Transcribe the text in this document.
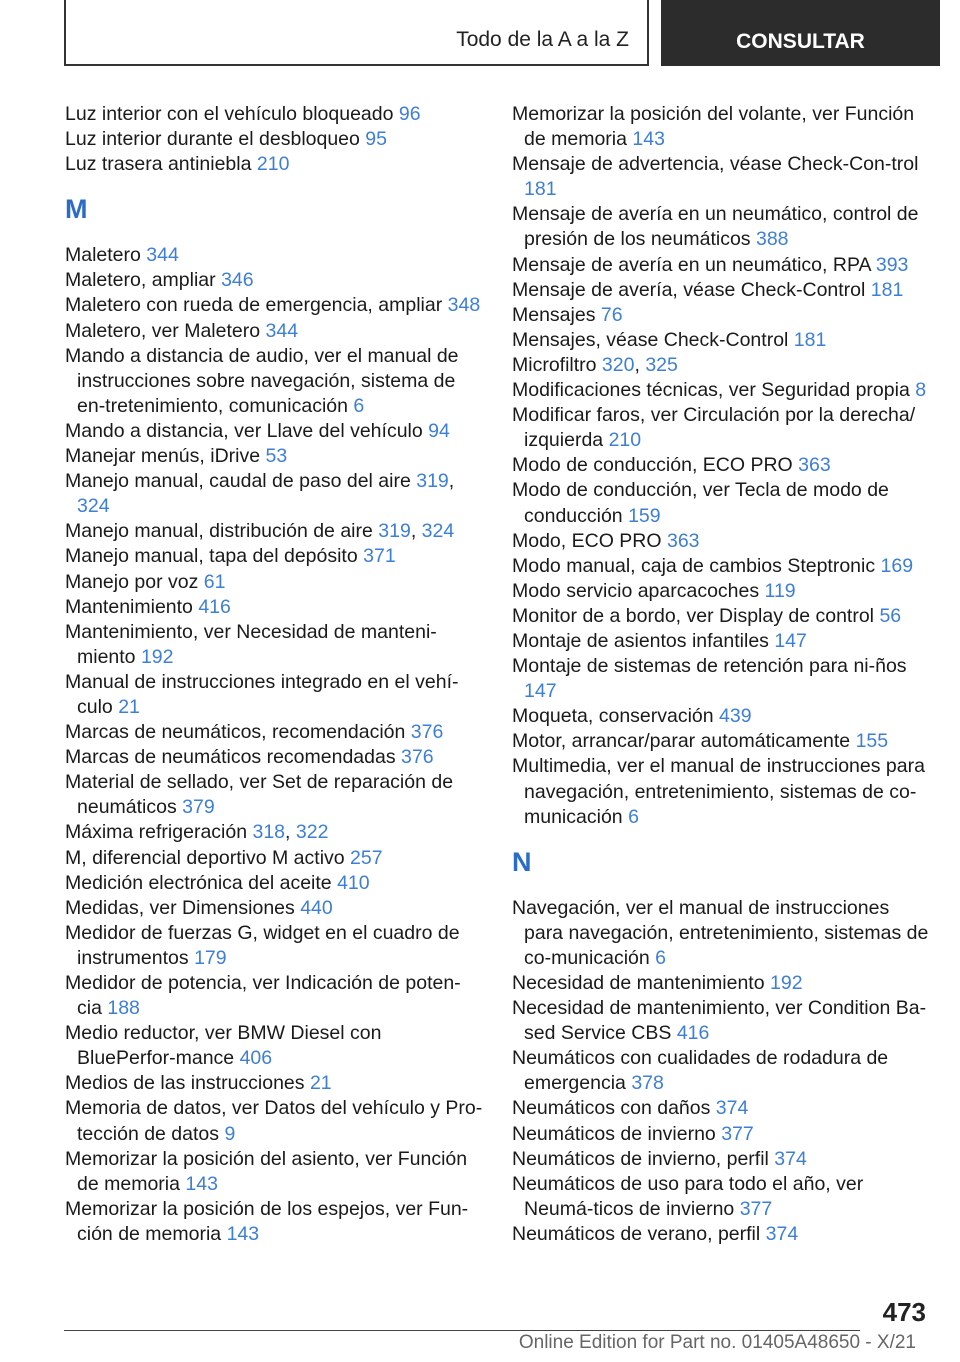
Todo de la A a la Z	CONSULTAR
Luz interior con el vehículo bloqueado 96
Luz interior durante el desbloqueo 95
Luz trasera antiniebla 210
M
Maletero 344
Maletero, ampliar 346
Maletero con rueda de emergencia, ampliar 348
Maletero, ver Maletero 344
Mando a distancia de audio, ver el manual de instrucciones sobre navegación, sistema de en-tretenimiento, comunicación 6
Mando a distancia, ver Llave del vehículo 94
Manejar menús, iDrive 53
Manejo manual, caudal de paso del aire 319, 324
Manejo manual, distribución de aire 319, 324
Manejo manual, tapa del depósito 371
Manejo por voz 61
Mantenimiento 416
Mantenimiento, ver Necesidad de manteni-miento 192
Manual de instrucciones integrado en el vehí-culo 21
Marcas de neumáticos, recomendación 376
Marcas de neumáticos recomendadas 376
Material de sellado, ver Set de reparación de neumáticos 379
Máxima refrigeración 318, 322
M, diferencial deportivo M activo 257
Medición electrónica del aceite 410
Medidas, ver Dimensiones 440
Medidor de fuerzas G, widget en el cuadro de instrumentos 179
Medidor de potencia, ver Indicación de poten-cia 188
Medio reductor, ver BMW Diesel con BluePerfor-mance 406
Medios de las instrucciones 21
Memoria de datos, ver Datos del vehículo y Pro-tección de datos 9
Memorizar la posición del asiento, ver Función de memoria 143
Memorizar la posición de los espejos, ver Fun-ción de memoria 143
Memorizar la posición del volante, ver Función de memoria 143
Mensaje de advertencia, véase Check-Con-trol 181
Mensaje de avería en un neumático, control de presión de los neumáticos 388
Mensaje de avería en un neumático, RPA 393
Mensaje de avería, véase Check-Control 181
Mensajes 76
Mensajes, véase Check-Control 181
Microfiltro 320, 325
Modificaciones técnicas, ver Seguridad propia 8
Modificar faros, ver Circulación por la derecha/ izquierda 210
Modo de conducción, ECO PRO 363
Modo de conducción, ver Tecla de modo de conducción 159
Modo, ECO PRO 363
Modo manual, caja de cambios Steptronic 169
Modo servicio aparcacoches 119
Monitor de a bordo, ver Display de control 56
Montaje de asientos infantiles 147
Montaje de sistemas de retención para ni-ños 147
Moqueta, conservación 439
Motor, arrancar/parar automáticamente 155
Multimedia, ver el manual de instrucciones para navegación, entretenimiento, sistemas de co-municación 6
N
Navegación, ver el manual de instrucciones para navegación, entretenimiento, sistemas de co-municación 6
Necesidad de mantenimiento 192
Necesidad de mantenimiento, ver Condition Ba-sed Service CBS 416
Neumáticos con cualidades de rodadura de emergencia 378
Neumáticos con daños 374
Neumáticos de invierno 377
Neumáticos de invierno, perfil 374
Neumáticos de uso para todo el año, ver Neumá-ticos de invierno 377
Neumáticos de verano, perfil 374
473
Online Edition for Part no. 01405A48650 - X/21
